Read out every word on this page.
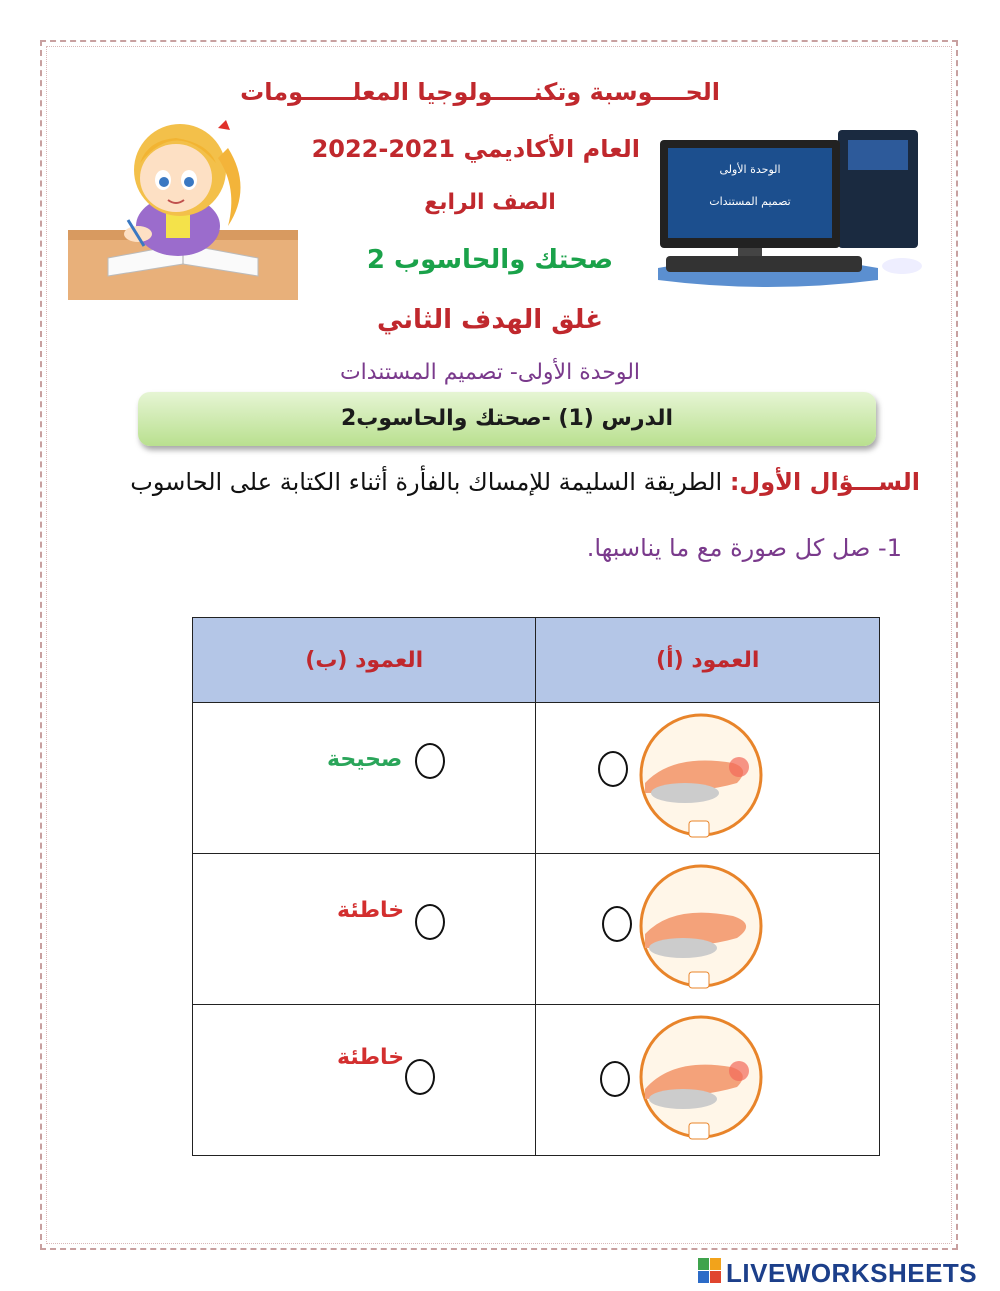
الوحدة الأولى
تصميم المستندات
الحــــوسبة وتكنـــــولوجيا المعلــــــومات
العام الأكاديمي 2021-2022
الصف الرابع
صحتك والحاسوب 2
غلق الهدف الثاني
الوحدة الأولى- تصميم المستندات
الدرس (1) -صحتك والحاسوب2
الســـؤال الأول: الطريقة السليمة للإمساك بالفأرة أثناء الكتابة على الحاسوب
1- صل كل صورة مع ما يناسبها.
العمود (ب)	العمود (أ)

صحيحة

خاطئة

خاطئة

LIVEWORKSHEETS
